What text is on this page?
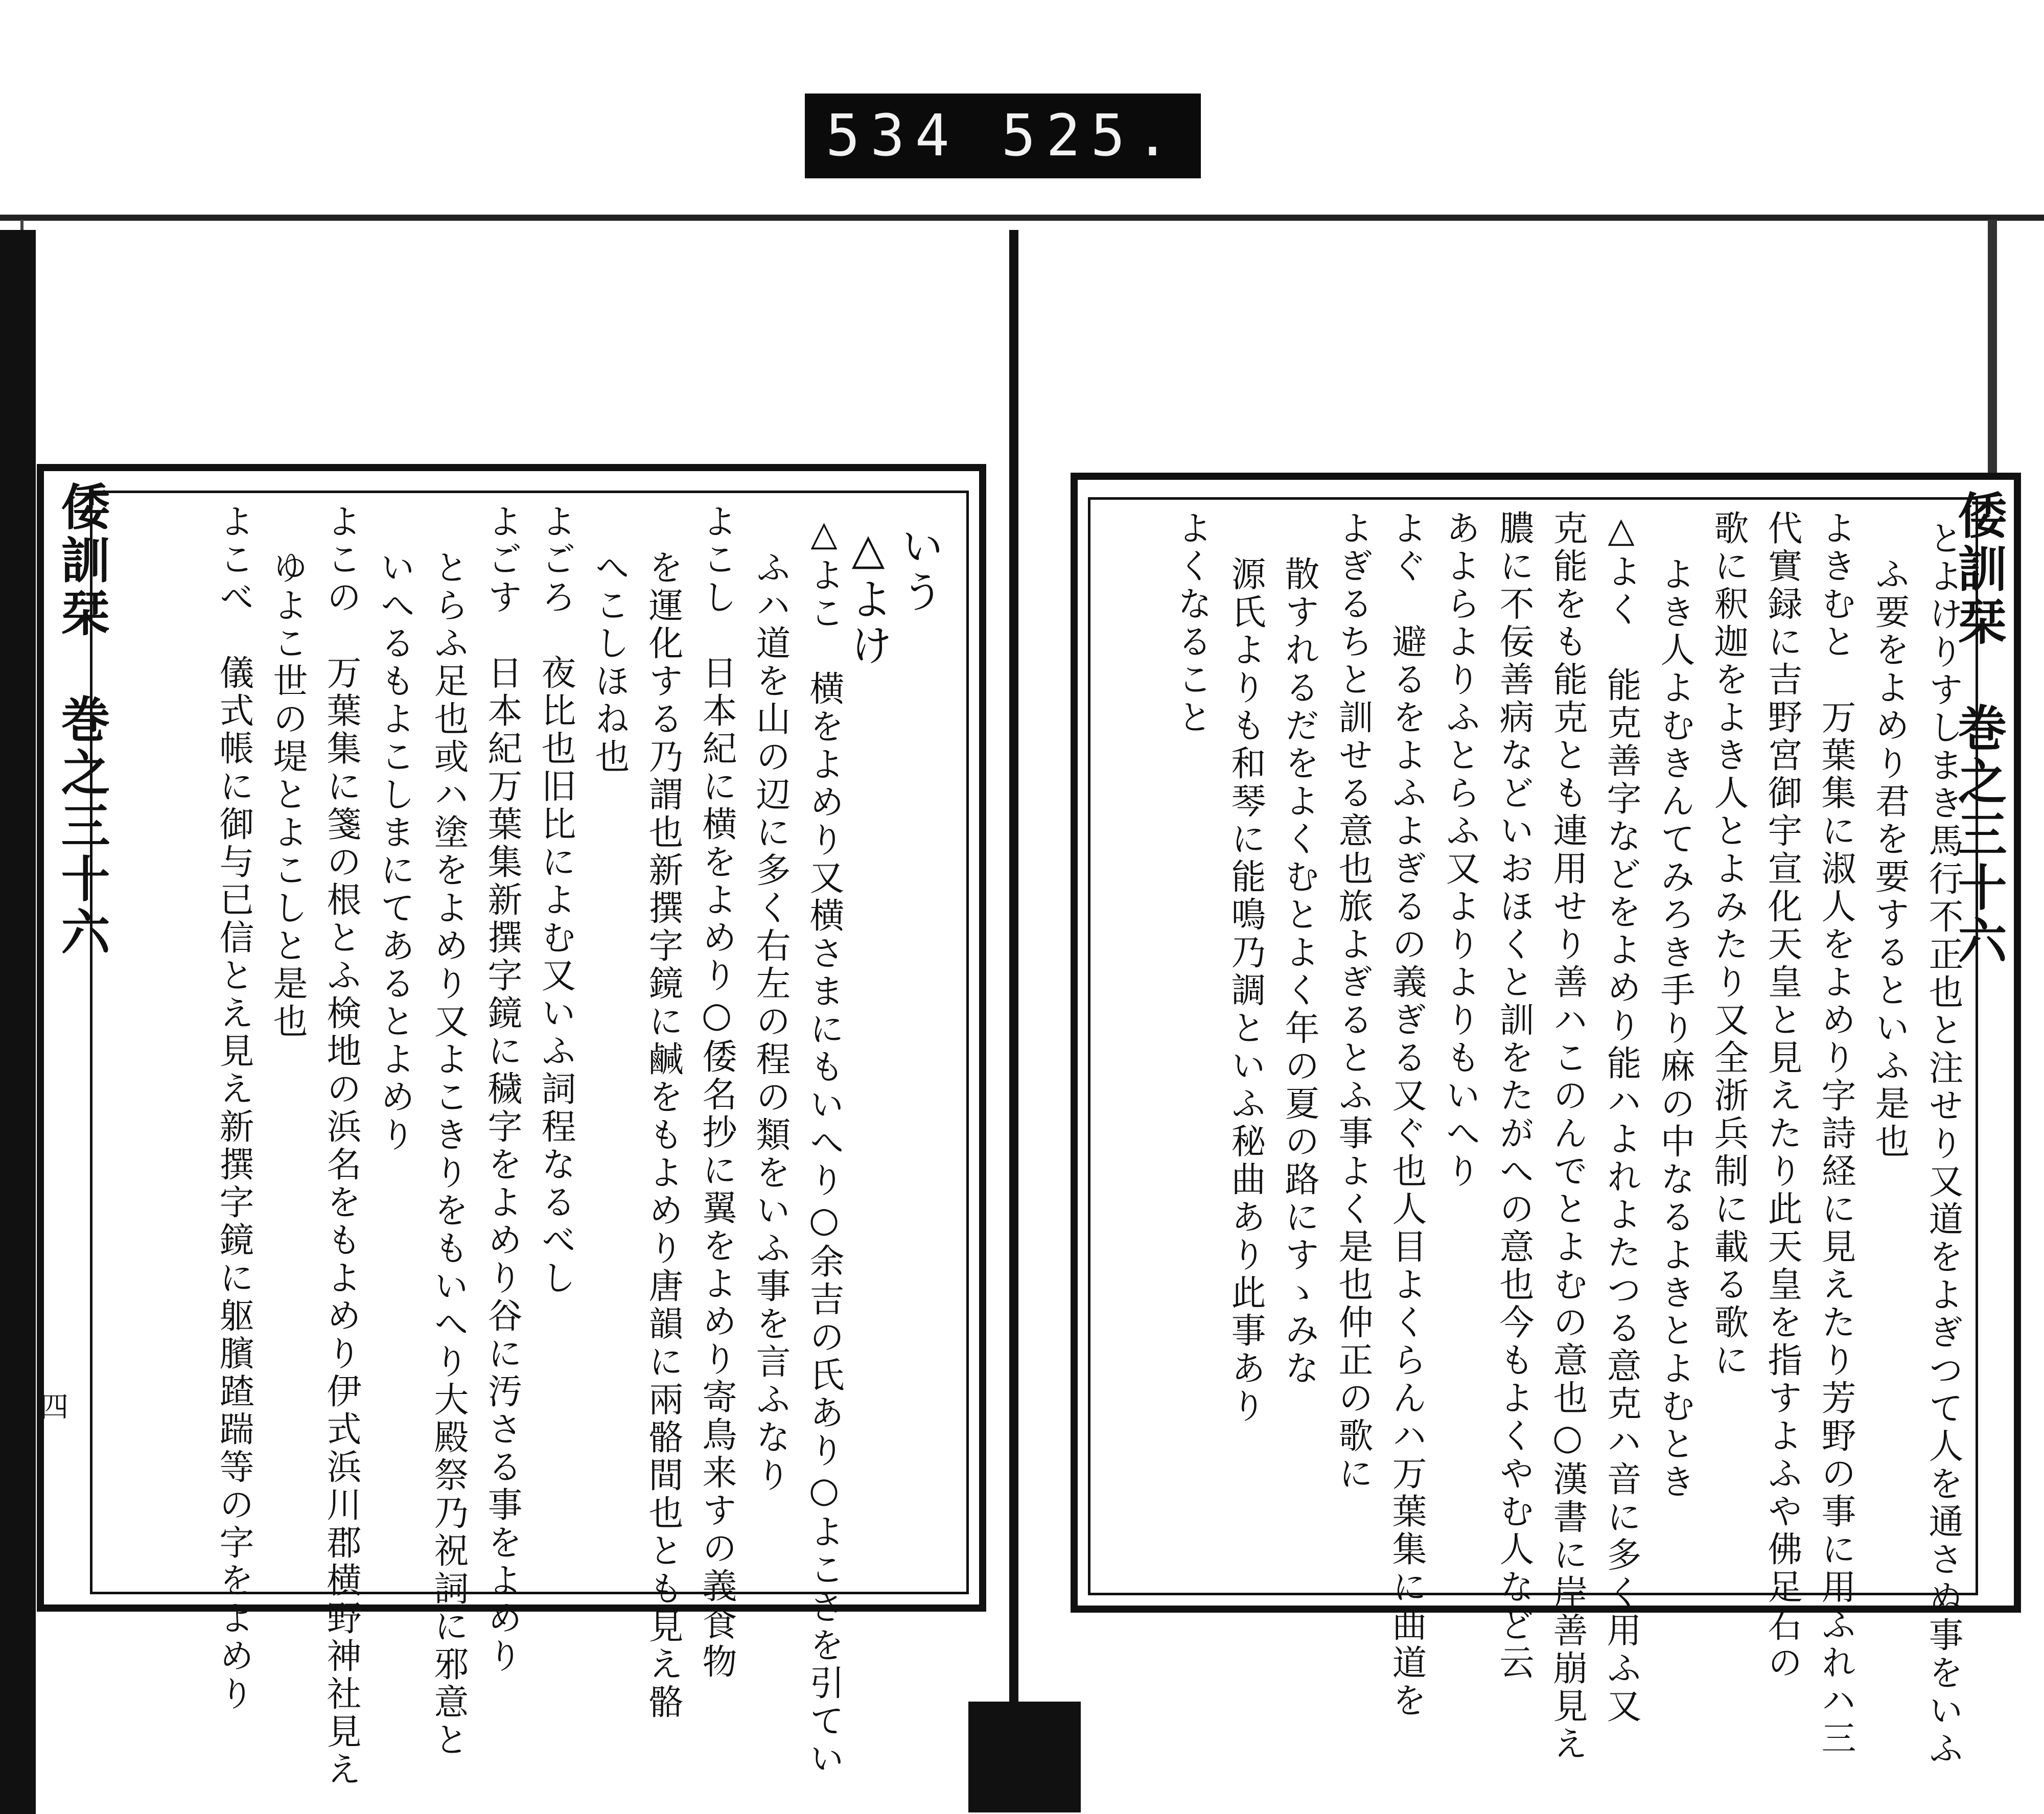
534 525.
いう
△よけ
△よこ　横をよめり又横さまにもいへり○余吉の氏あり○よこさを引てい
ふハ道を山の辺に多く右左の程の類をいふ事を言ふなり
よこし　日本紀に横をよめり○倭名抄に翼をよめり寄鳥来すの義食物
を運化する乃謂也新撰字鏡に鹹をもよめり唐韻に兩骼間也とも見え骼
へこしほね也
よごろ　夜比也旧比によむ又いふ詞程なるべし
よごす　日本紀万葉集新撰字鏡に穢字をよめり谷に汚さる事をよめり
とらふ足也或ハ塗をよめり又よこきりをもいへり大殿祭乃祝詞に邪意と
いへるもよこしまにてあるとよめり
よこの　万葉集に箋の根とふ検地の浜名をもよめり伊式浜川郡横野神社見え
ゆよこ世の堤とよこしと是也
よこべ　儀式帳に御与已信とえ見え新撰字鏡に躯臏蹅踹等の字をよめり
倭訓栞　巻之三十六
四	とよけりすしまき馬行不正也と注せり又道をよぎつて人を通さぬ事をいふ
ふ要をよめり君を要するといふ是也
よきむと　万葉集に淑人をよめり字詩経に見えたり芳野の事に用ふれハ三
代實録に吉野宮御宇宣化天皇と見えたり此天皇を指すよふや佛足石の
歌に釈迦をよき人とよみたり又全浙兵制に載る歌に
よき人よむきんてみろき手り麻の中なるよきとよむとき
△よく　能克善字などをよめり能ハよれよたつる意克ハ音に多く用ふ又
克能をも能克とも連用せり善ハこのんでとよむの意也○漢書に岸善崩見え
膿に不佞善病などいおほくと訓をたがへの意也今もよくやむ人など云
あよらよりふとらふ又よりよりもいへり
よぐ　避るをよふよぎるの義ぎる又ぐ也人目よくらんハ万葉集に曲道を
よぎるちと訓せる意也旅よぎるとふ事よく是也仲正の歌に
散すれるだをよくむとよく年の夏の路にすゝみな
源氏よりも和琴に能鳴乃調といふ秘曲あり此事あり
よくなること	倭訓栞　巻之三十六
